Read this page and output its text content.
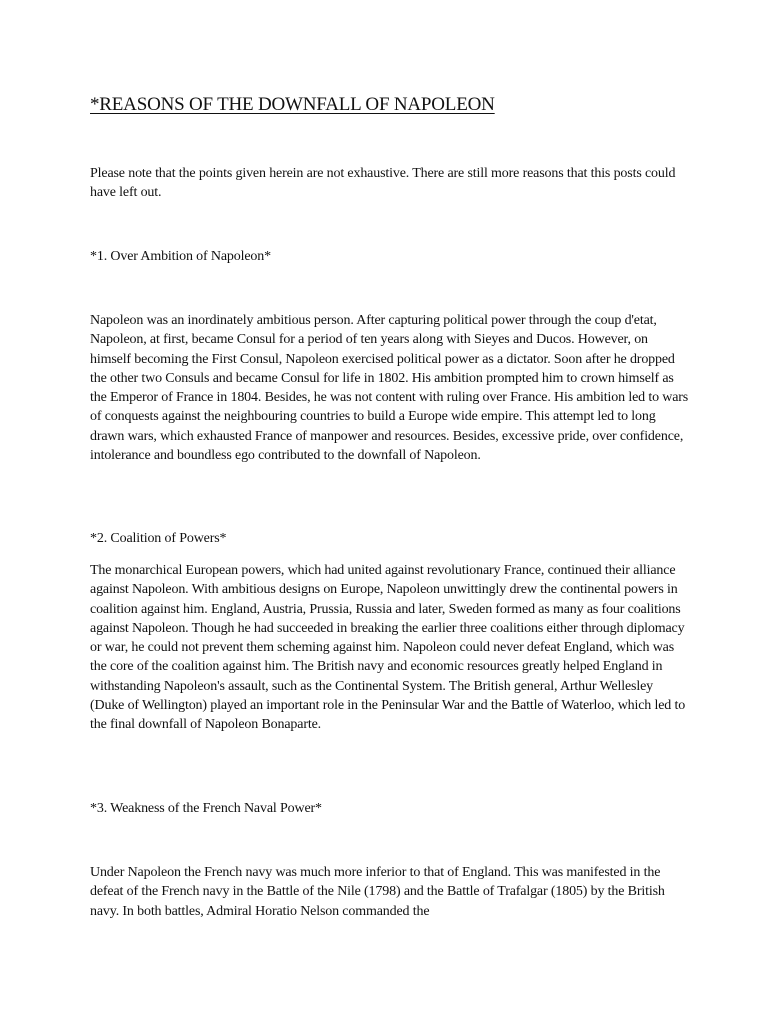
*REASONS OF THE DOWNFALL OF NAPOLEON

Please note that the points given herein are not exhaustive. There are still more reasons that this posts could have left out.

*1. Over Ambition of Napoleon*

Napoleon was an inordinately ambitious person. After capturing political power through the coup d'etat, Napoleon, at first, became Consul for a period of ten years along with Sieyes and Ducos. However, on himself becoming the First Consul, Napoleon exercised political power as a dictator. Soon after he dropped the other two Consuls and became Consul for life in 1802. His ambition prompted him to crown himself as the Emperor of France in 1804. Besides, he was not content with ruling over France. His ambition led to wars of conquests against the neighbouring countries to build a Europe wide empire. This attempt led to long drawn wars, which exhausted France of manpower and resources. Besides, excessive pride, over confidence, intolerance and boundless ego contributed to the downfall of Napoleon.

*2. Coalition of Powers*

The monarchical European powers, which had united against revolutionary France, continued their alliance against Napoleon. With ambitious designs on Europe, Napoleon unwittingly drew the continental powers in coalition against him. England, Austria, Prussia, Russia and later, Sweden formed as many as four coalitions against Napoleon. Though he had succeeded in breaking the earlier three coalitions either through diplomacy or war, he could not prevent them scheming against him. Napoleon could never defeat England, which was the core of the coalition against him. The British navy and economic resources greatly helped England in withstanding Napoleon's assault, such as the Continental System. The British general, Arthur Wellesley (Duke of Wellington) played an important role in the Peninsular War and the Battle of Waterloo, which led to the final downfall of Napoleon Bonaparte.

*3. Weakness of the French Naval Power*

Under Napoleon the French navy was much more inferior to that of England. This was manifested in the defeat of the French navy in the Battle of the Nile (1798) and the Battle of Trafalgar (1805) by the British navy. In both battles, Admiral Horatio Nelson commanded the
